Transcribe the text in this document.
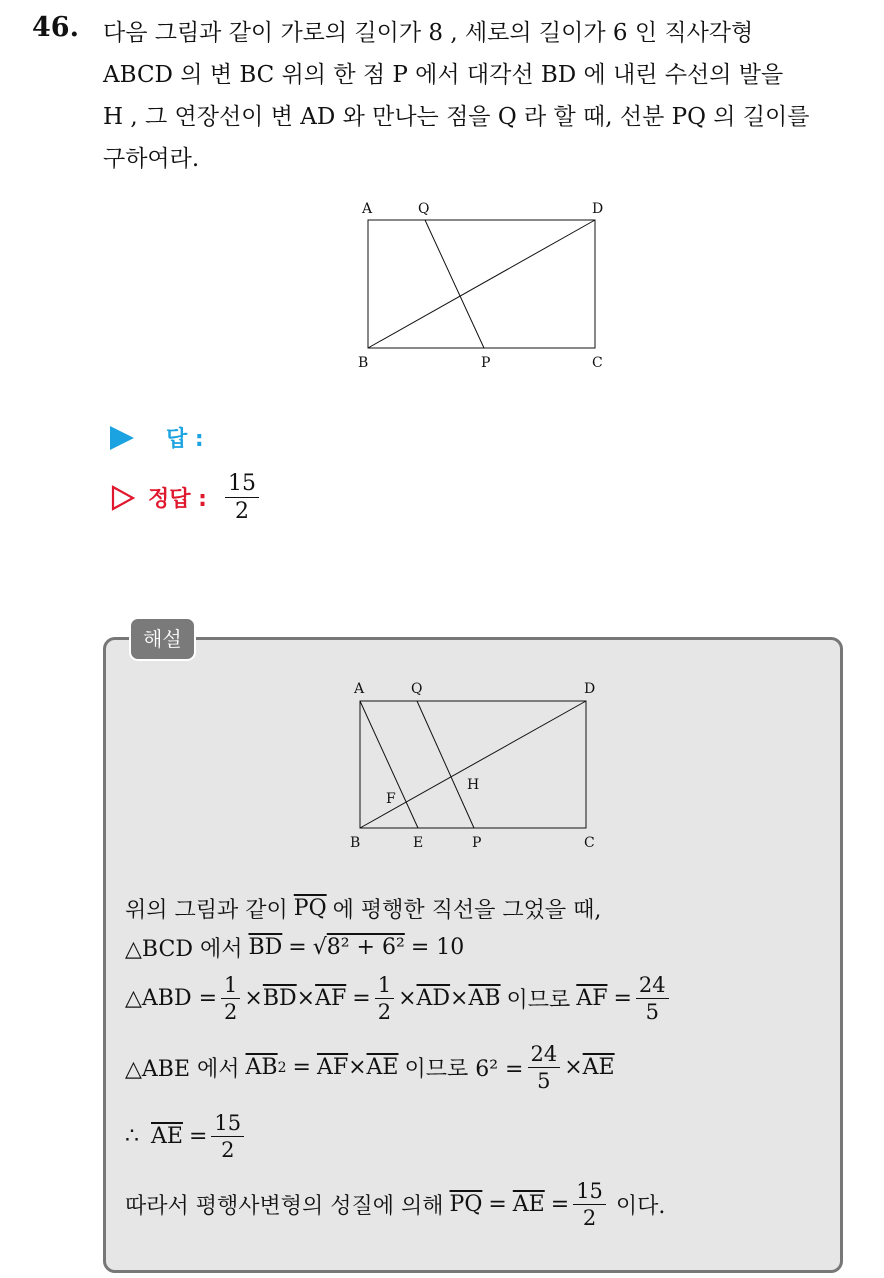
46. 다음 그림과 같이 가로의 길이가 8 , 세로의 길이가 6 인 직사각형
ABCD 의 변 BC 위의 한 점 P 에서 대각선 BD 에 내린 수선의 발을
H , 그 연장선이 변 AD 와 만나는 점을 Q 라 할 때, 선분 PQ 의 길이를
구하여라.
A	Q	D
B	P	C
답 :
정답 : $\frac{15}{2}$
해설
A	Q	D
H
F
B	E	P	C
위의 그림과 같이 $\overline{PQ}$ 에 평행한 직선을 그었을 때,
△BCD 에서 $\overline{BD}$ = √ 8² + 6² = 10
△ABD = $\frac{1}{2} \times \overline{BD} \times \overline{AF} = \frac{1}{2} \times \overline{AD} \times \overline{AB}$ 이므로 $\overline{AF} = \frac{24}{5}$
△ABE 에서 $\overline{AB}$ $2 = \overline{AF} \times \overline{AE}$ 이므로 $6^2 = \frac{24}{5} \times \overline{AE}$
∴ $\overline{AE} = \frac{15}{2}$
따라서 평행사변형의 성질에 의해 $\overline{PQ} = \overline{AE} = \frac{15}{2}$ 이다.
